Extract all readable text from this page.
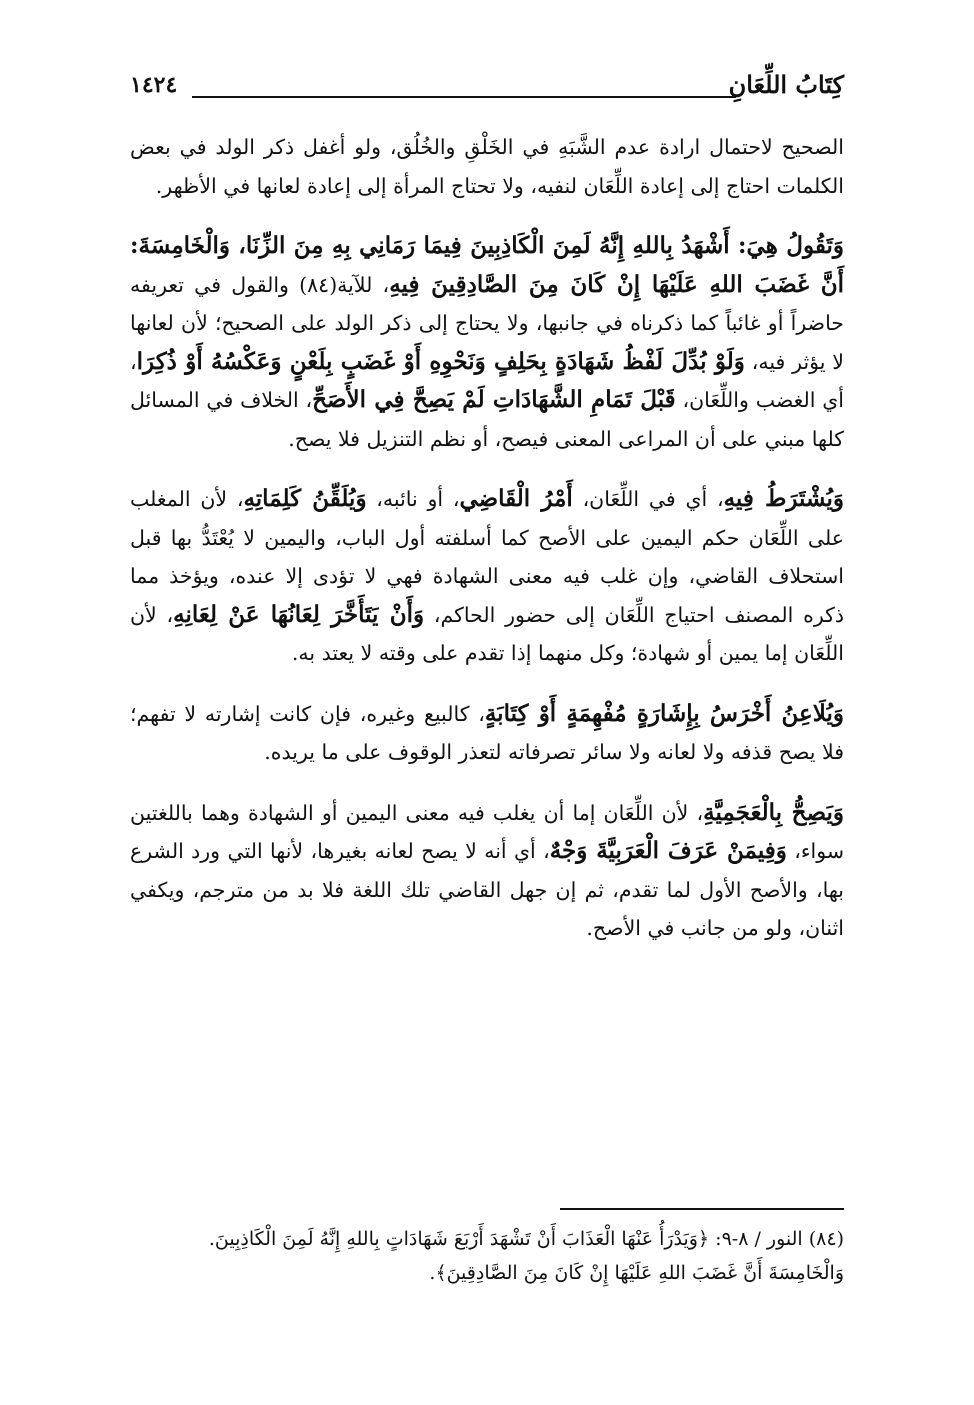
كِتَابُ اللِّعَانِ
١٤٢٤

الصحيح لاحتمال ارادة عدم الشَّبَهِ في الخَلْقِ والخُلُق، ولو أغفل ذكر الولد في بعض الكلمات احتاج إلى إعادة اللِّعَان لنفيه، ولا تحتاج المرأة إلى إعادة لعانها في الأظهر.

وَتَقُولُ هِيَ: أَشْهَدُ بِاللهِ إِنَّهُ لَمِنَ الْكَاذِبِينَ فِيمَا رَمَانِي بِهِ مِنَ الزِّنَا، وَالْخَامِسَةَ: أَنَّ غَضَبَ اللهِ عَلَيْهَا إِنْ كَانَ مِنَ الصَّادِقِينَ فِيهِ، للآية(٨٤) والقول في تعريفه حاضراً أو غائباً كما ذكرناه في جانبها، ولا يحتاج إلى ذكر الولد على الصحيح؛ لأن لعانها لا يؤثر فيه، وَلَوْ بُدِّلَ لَفْظُ شَهَادَةٍ بِحَلِفٍ وَنَحْوِهِ أَوْ غَضَبٍ بِلَعْنٍ وَعَكْسُهُ أَوْ ذُكِرَا، أي الغضب واللِّعَان، قَبْلَ تَمَامِ الشَّهَادَاتِ لَمْ يَصِحَّ فِي الأَصَحِّ، الخلاف في المسائل كلها مبني على أن المراعى المعنى فيصح، أو نظم التنزيل فلا يصح.

وَيُشْتَرَطُ فِيهِ، أي في اللِّعَان، أَمْرُ الْقَاضِي، أو نائبه، وَيُلَقِّنُ كَلِمَاتِهِ، لأن المغلب على اللِّعَان حكم اليمين على الأصح كما أسلفته أول الباب، واليمين لا يُعْتَدُّ بها قبل استحلاف القاضي، وإن غلب فيه معنى الشهادة فهي لا تؤدى إلا عنده، ويؤخذ مما ذكره المصنف احتياج اللِّعَان إلى حضور الحاكم، وَأَنْ يَتَأَخَّرَ لِعَانُهَا عَنْ لِعَانِهِ، لأن اللِّعَان إما يمين أو شهادة؛ وكل منهما إذا تقدم على وقته لا يعتد به.

وَيُلَاعِنُ أَخْرَسُ بِإِشَارَةٍ مُفْهِمَةٍ أَوْ كِتَابَةٍ، كالبيع وغيره، فإن كانت إشارته لا تفهم؛ فلا يصح قذفه ولا لعانه ولا سائر تصرفاته لتعذر الوقوف على ما يريده.

وَيَصِحُّ بِالْعَجَمِيَّةِ، لأن اللِّعَان إما أن يغلب فيه معنى اليمين أو الشهادة وهما باللغتين سواء، وَفِيمَنْ عَرَفَ الْعَرَبِيَّةَ وَجْهٌ، أي أنه لا يصح لعانه بغيرها، لأنها التي ورد الشرع بها، والأصح الأول لما تقدم، ثم إن جهل القاضي تلك اللغة فلا بد من مترجم، ويكفي اثنان، ولو من جانب في الأصح.

(٨٤) النور / ٨-٩: ﴿وَيَدْرَأُ عَنْهَا الْعَذَابَ أَنْ تَشْهَدَ أَرْبَعَ شَهَادَاتٍ بِاللهِ إِنَّهُ لَمِنَ الْكَاذِبِينَ.
وَالْخَامِسَةَ أَنَّ غَضَبَ اللهِ عَلَيْهَا إِنْ كَانَ مِنَ الصَّادِقِينَ﴾.
